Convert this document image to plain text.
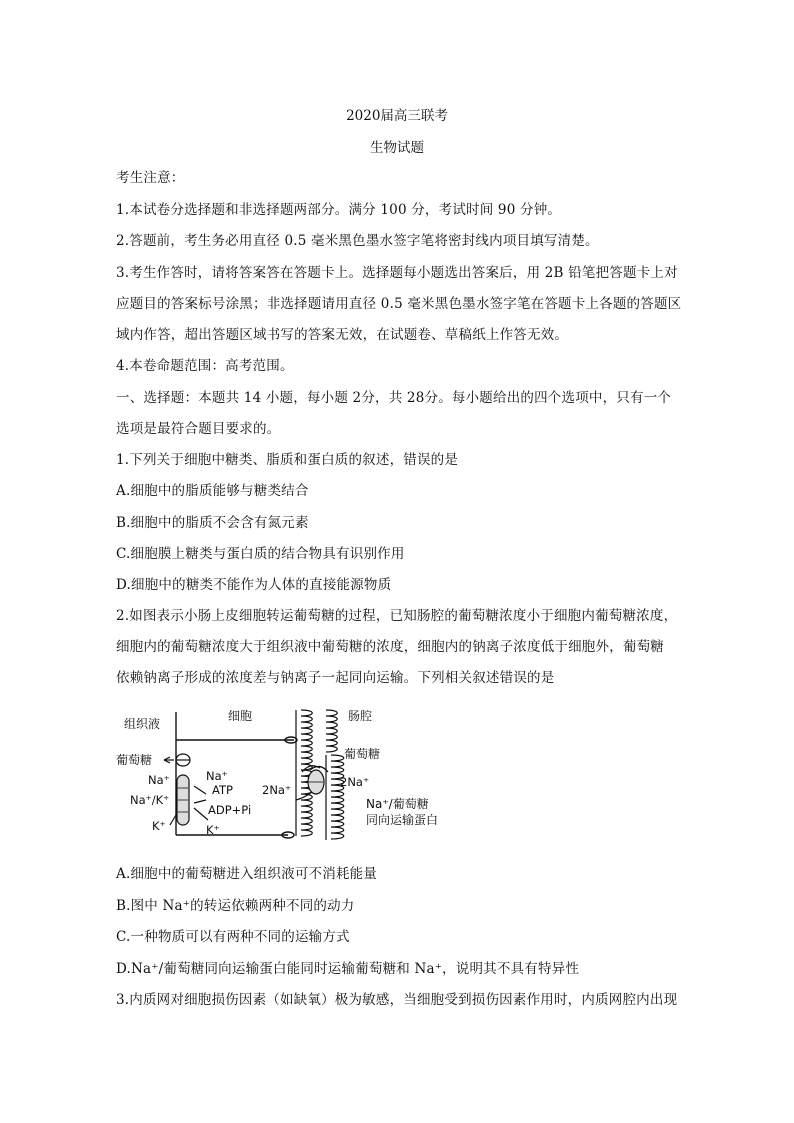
2020届高三联考
生物试题
考生注意：
1.本试卷分选择题和非选择题两部分。满分 100 分，考试时间 90 分钟。
2.答题前，考生务必用直径 0.5 毫米黑色墨水签字笔将密封线内项目填写清楚。
3.考生作答时，请将答案答在答题卡上。选择题每小题选出答案后，用 2B 铅笔把答题卡上对
应题目的答案标号涂黑；非选择题请用直径 0.5 毫米黑色墨水签字笔在答题卡上各题的答题区
域内作答，超出答题区域书写的答案无效，在试题卷、草稿纸上作答无效。
4.本卷命题范围：高考范围。
一、选择题：本题共 14 小题，每小题 2分，共 28分。每小题给出的四个选项中，只有一个
选项是最符合题目要求的。
1.下列关于细胞中糖类、脂质和蛋白质的叙述，错误的是
A.细胞中的脂质能够与糖类结合
B.细胞中的脂质不会含有氮元素
C.细胞膜上糖类与蛋白质的结合物具有识别作用
D.细胞中的糖类不能作为人体的直接能源物质
2.如图表示小肠上皮细胞转运葡萄糖的过程，已知肠腔的葡萄糖浓度小于细胞内葡萄糖浓度，
细胞内的葡萄糖浓度大于组织液中葡萄糖的浓度，细胞内的钠离子浓度低于细胞外，葡萄糖
依赖钠离子形成的浓度差与钠离子一起同向运输。下列相关叙述错误的是
组织液
细胞	肠腔
葡萄糖	葡萄糖
Na⁺	Na⁺
Na⁺/K⁺
ATP
ADP+Pi
K⁺	K⁺
2Na⁺
2Na⁺
Na⁺/葡萄糖
同向运输蛋白
A.细胞中的葡萄糖进入组织液可不消耗能量
B.图中 Na⁺的转运依赖两种不同的动力
C.一种物质可以有两种不同的运输方式
D.Na⁺/葡萄糖同向运输蛋白能同时运输葡萄糖和 Na⁺，说明其不具有特异性
3.内质网对细胞损伤因素（如缺氧）极为敏感，当细胞受到损伤因素作用时，内质网腔内出现
